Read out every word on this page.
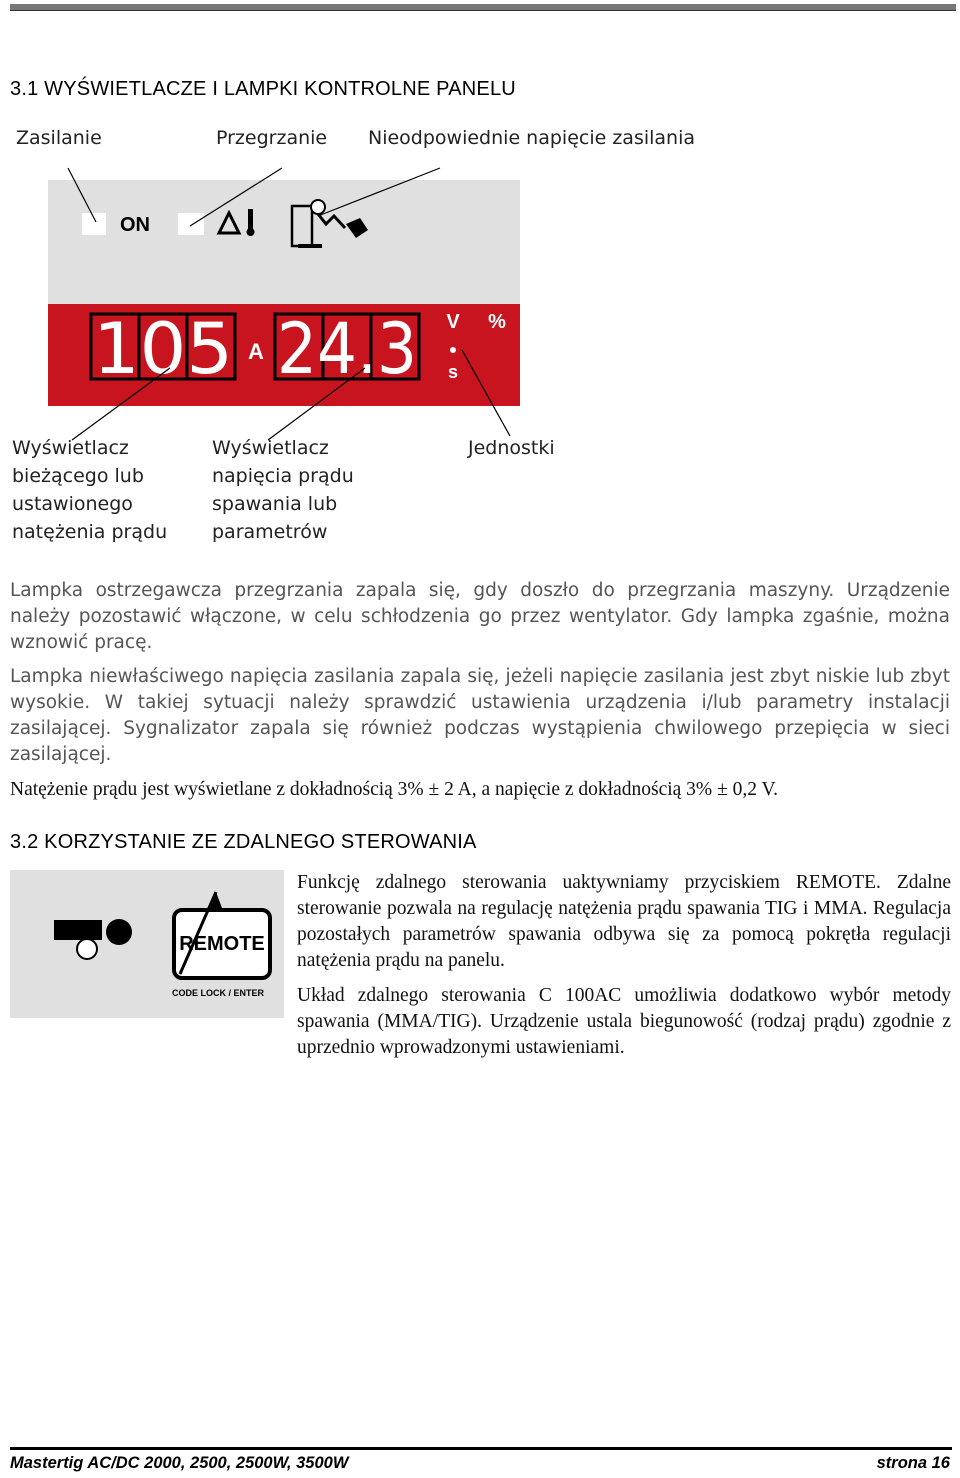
3.1 WYŚWIETLACZE I LAMPKI KONTROLNE PANELU
Zasilanie	Przegrzanie Nieodpowiednie napięcie zasilania
Wyświetlacz
bieżącego lub
ustawionego
natężenia prądu
Wyświetlacz
napięcia prądu
spawania lub
parametrów
Jednostki
ON
105 A 24.3 V %
s

Lampka ostrzegawcza przegrzania zapala się, gdy doszło do przegrzania maszyny. Urządzenie należy pozostawić włączone, w celu schłodzenia go przez wentylator. Gdy lampka zgaśnie, można wznowić pracę.

Lampka niewłaściwego napięcia zasilania zapala się, jeżeli napięcie zasilania jest zbyt niskie lub zbyt wysokie. W takiej sytuacji należy sprawdzić ustawienia urządzenia i/lub parametry instalacji zasilającej. Sygnalizator zapala się również podczas wystąpienia chwilowego przepięcia w sieci zasilającej.

Natężenie prądu jest wyświetlane z dokładnością 3% ± 2 A, a napięcie z dokładnością 3% ± 0,2 V.

3.2 KORZYSTANIE ZE ZDALNEGO STEROWANIA
REMOTE
CODE LOCK / ENTER

Funkcję zdalnego sterowania uaktywniamy przyciskiem REMOTE. Zdalne sterowanie pozwala na regulację natężenia prądu spawania TIG i MMA. Regulacja pozostałych parametrów spawania odbywa się za pomocą pokrętła regulacji natężenia prądu na panelu.

Układ zdalnego sterowania C 100AC umożliwia dodatkowo wybór metody spawania (MMA/TIG). Urządzenie ustala biegunowość (rodzaj prądu) zgodnie z uprzednio wprowadzonymi ustawieniami.

Mastertig AC/DC 2000, 2500, 2500W, 3500W	strona 16
